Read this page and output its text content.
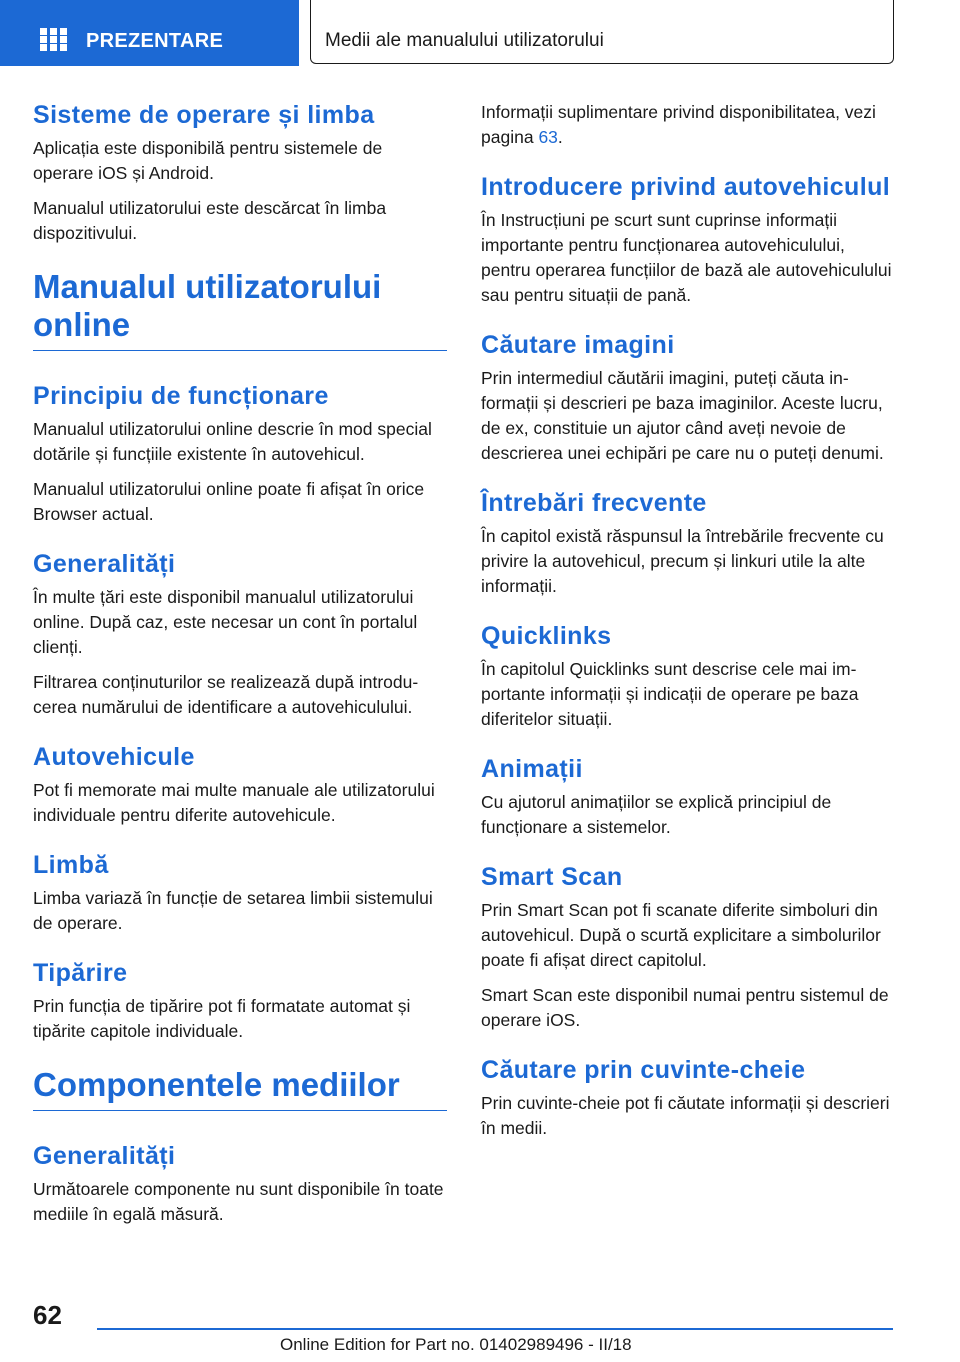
PREZENTARE	Medii ale manualului utilizatorului
Sisteme de operare și limba

Aplicația este disponibilă pentru sistemele de operare iOS și Android.

Manualul utilizatorului este descărcat în limba dispozitivului.

Manualul utilizatorului online
Principiu de funcționare

Manualul utilizatorului online descrie în mod special dotările și funcțiile existente în autovehicul.

Manualul utilizatorului online poate fi afișat în orice Browser actual.

Generalități

În multe țări este disponibil manualul utilizatorului online. După caz, este necesar un cont în portalul clienți.

Filtrarea conținuturilor se realizează după introducerea numărului de identificare a autovehiculului.

Autovehicule

Pot fi memorate mai multe manuale ale utilizatorului individuale pentru diferite autovehicule.

Limbă

Limba variază în funcție de setarea limbii sistemului de operare.

Tipărire

Prin funcția de tipărire pot fi formatate automat și tipărite capitole individuale.

Componentele mediilor
Generalități

Următoarele componente nu sunt disponibile în toate mediile în egală măsură.

Informații suplimentare privind disponibilitatea, vezi pagina 63.

Introducere privind autovehiculul

În Instrucțiuni pe scurt sunt cuprinse informații importante pentru funcționarea autovehiculului, pentru operarea funcțiilor de bază ale autovehiculului sau pentru situații de pană.

Căutare imagini

Prin intermediul căutării imagini, puteți căuta informații și descrieri pe baza imaginilor. Aceste lucru, de ex, constituie un ajutor când aveți nevoie de descrierea unei echipări pe care nu o puteți denumi.

Întrebări frecvente

În capitol există răspunsul la întrebările frecvente cu privire la autovehicul, precum și linkuri utile la alte informații.

Quicklinks

În capitolul Quicklinks sunt descrise cele mai importante informații și indicații de operare pe baza diferitelor situații.

Animații

Cu ajutorul animațiilor se explică principiul de funcționare a sistemelor.

Smart Scan

Prin Smart Scan pot fi scanate diferite simboluri din autovehicul. După o scurtă explicitare a simbolurilor poate fi afișat direct capitolul.

Smart Scan este disponibil numai pentru sistemul de operare iOS.

Căutare prin cuvinte-cheie

Prin cuvinte-cheie pot fi căutate informații și descrieri în medii.

62
Online Edition for Part no. 01402989496 - II/18
